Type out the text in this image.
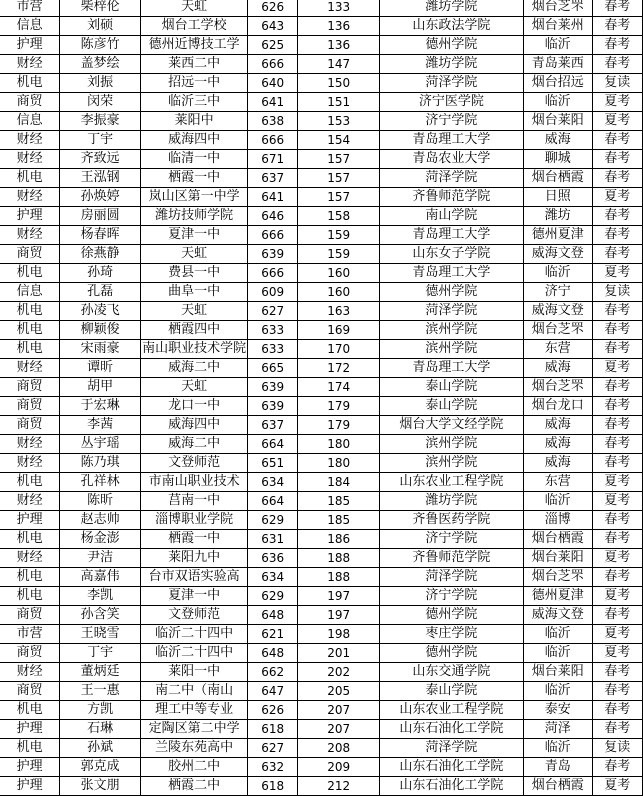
市营	柴梓伦	天虹	626	133	潍坊学院	烟台芝罘	春考
信息	刘硕	烟台工学校	643	136	山东政法学院	烟台莱州	春考
护理	陈彦竹	德州近博技工学	625	136	德州学院	临沂	春考
财经	盖梦绘	莱西二中	666	147	潍坊学院	青岛莱西	春考
机电	刘振	招远一中	640	150	菏泽学院	烟台招远	复读
商贸	闵荣	临沂三中	641	151	济宁医学院	临沂	夏考
信息	李振豪	莱阳中	638	153	济宁学院	烟台莱阳	夏考
财经	丁宇	威海四中	666	154	青岛理工大学	威海	春考
财经	齐致远	临清一中	671	157	青岛农业大学	聊城	春考
机电	王泓钢	栖霞一中	637	157	菏泽学院	烟台栖霞	春考
财经	孙焕婷	岚山区第一中学	641	157	齐鲁师范学院	日照	夏考
护理	房丽圆	潍坊技师学院	646	158	南山学院	潍坊	春考
财经	杨春晖	夏津一中	666	159	青岛理工大学	德州夏津	春考
商贸	徐燕静	天虹	639	159	山东女子学院	威海文登	春考
机电	孙琦	费县一中	666	160	青岛理工大学	临沂	夏考
信息	孔磊	曲阜一中	609	160	德州学院	济宁	复读
机电	孙凌飞	天虹	627	163	菏泽学院	威海文登	春考
机电	柳颖俊	栖霞四中	633	169	滨州学院	烟台芝罘	春考
机电	宋雨豪	南山职业技术学院	633	170	滨州学院	东营	春考
财经	谭昕	威海二中	665	172	青岛理工大学	威海	夏考
商贸	胡甲	天虹	639	174	泰山学院	烟台芝罘	春考
商贸	于宏琳	龙口一中	639	179	泰山学院	烟台龙口	春考
商贸	李茜	威海四中	637	179	烟台大学文经学院	威海	春考
财经	丛宇瑶	威海二中	664	180	滨州学院	威海	春考
财经	陈乃琪	文登师范	651	180	滨州学院	威海	春考
机电	孔祥林	市南山职业技术	634	184	山东农业工程学院	东营	夏考
财经	陈昕	莒南一中	664	185	潍坊学院	临沂	夏考
护理	赵志帅	淄博职业学院	629	185	齐鲁医药学院	淄博	春考
机电	杨金澎	栖霞一中	631	186	济宁学院	烟台栖霞	春考
财经	尹洁	莱阳九中	636	188	齐鲁师范学院	烟台莱阳	夏考
机电	高嘉伟	台市双语实验高	634	188	菏泽学院	烟台芝罘	春考
机电	李凯	夏津一中	629	197	济宁学院	德州夏津	夏考
商贸	孙含笑	文登师范	648	197	德州学院	威海文登	春考
市营	王晓雪	临沂二十四中	621	198	枣庄学院	临沂	夏考
商贸	丁宇	临沂二十四中	648	201	德州学院	临沂	夏考
财经	董炳廷	莱阳一中	662	202	山东交通学院	烟台莱阳	春考
商贸	王一惠	南二中（南山	647	205	泰山学院	临沂	春考
机电	方凯	理工中等专业	626	207	山东农业工程学院	泰安	春考
护理	石琳	定陶区第二中学	618	207	山东石油化工学院	菏泽	春考
机电	孙斌	兰陵东苑高中	627	208	菏泽学院	临沂	复读
护理	郭克成	胶州二中	632	209	山东石油化工学院	青岛	春考
护理	张文朋	栖霞二中	618	212	山东石油化工学院	烟台栖霞	夏考
